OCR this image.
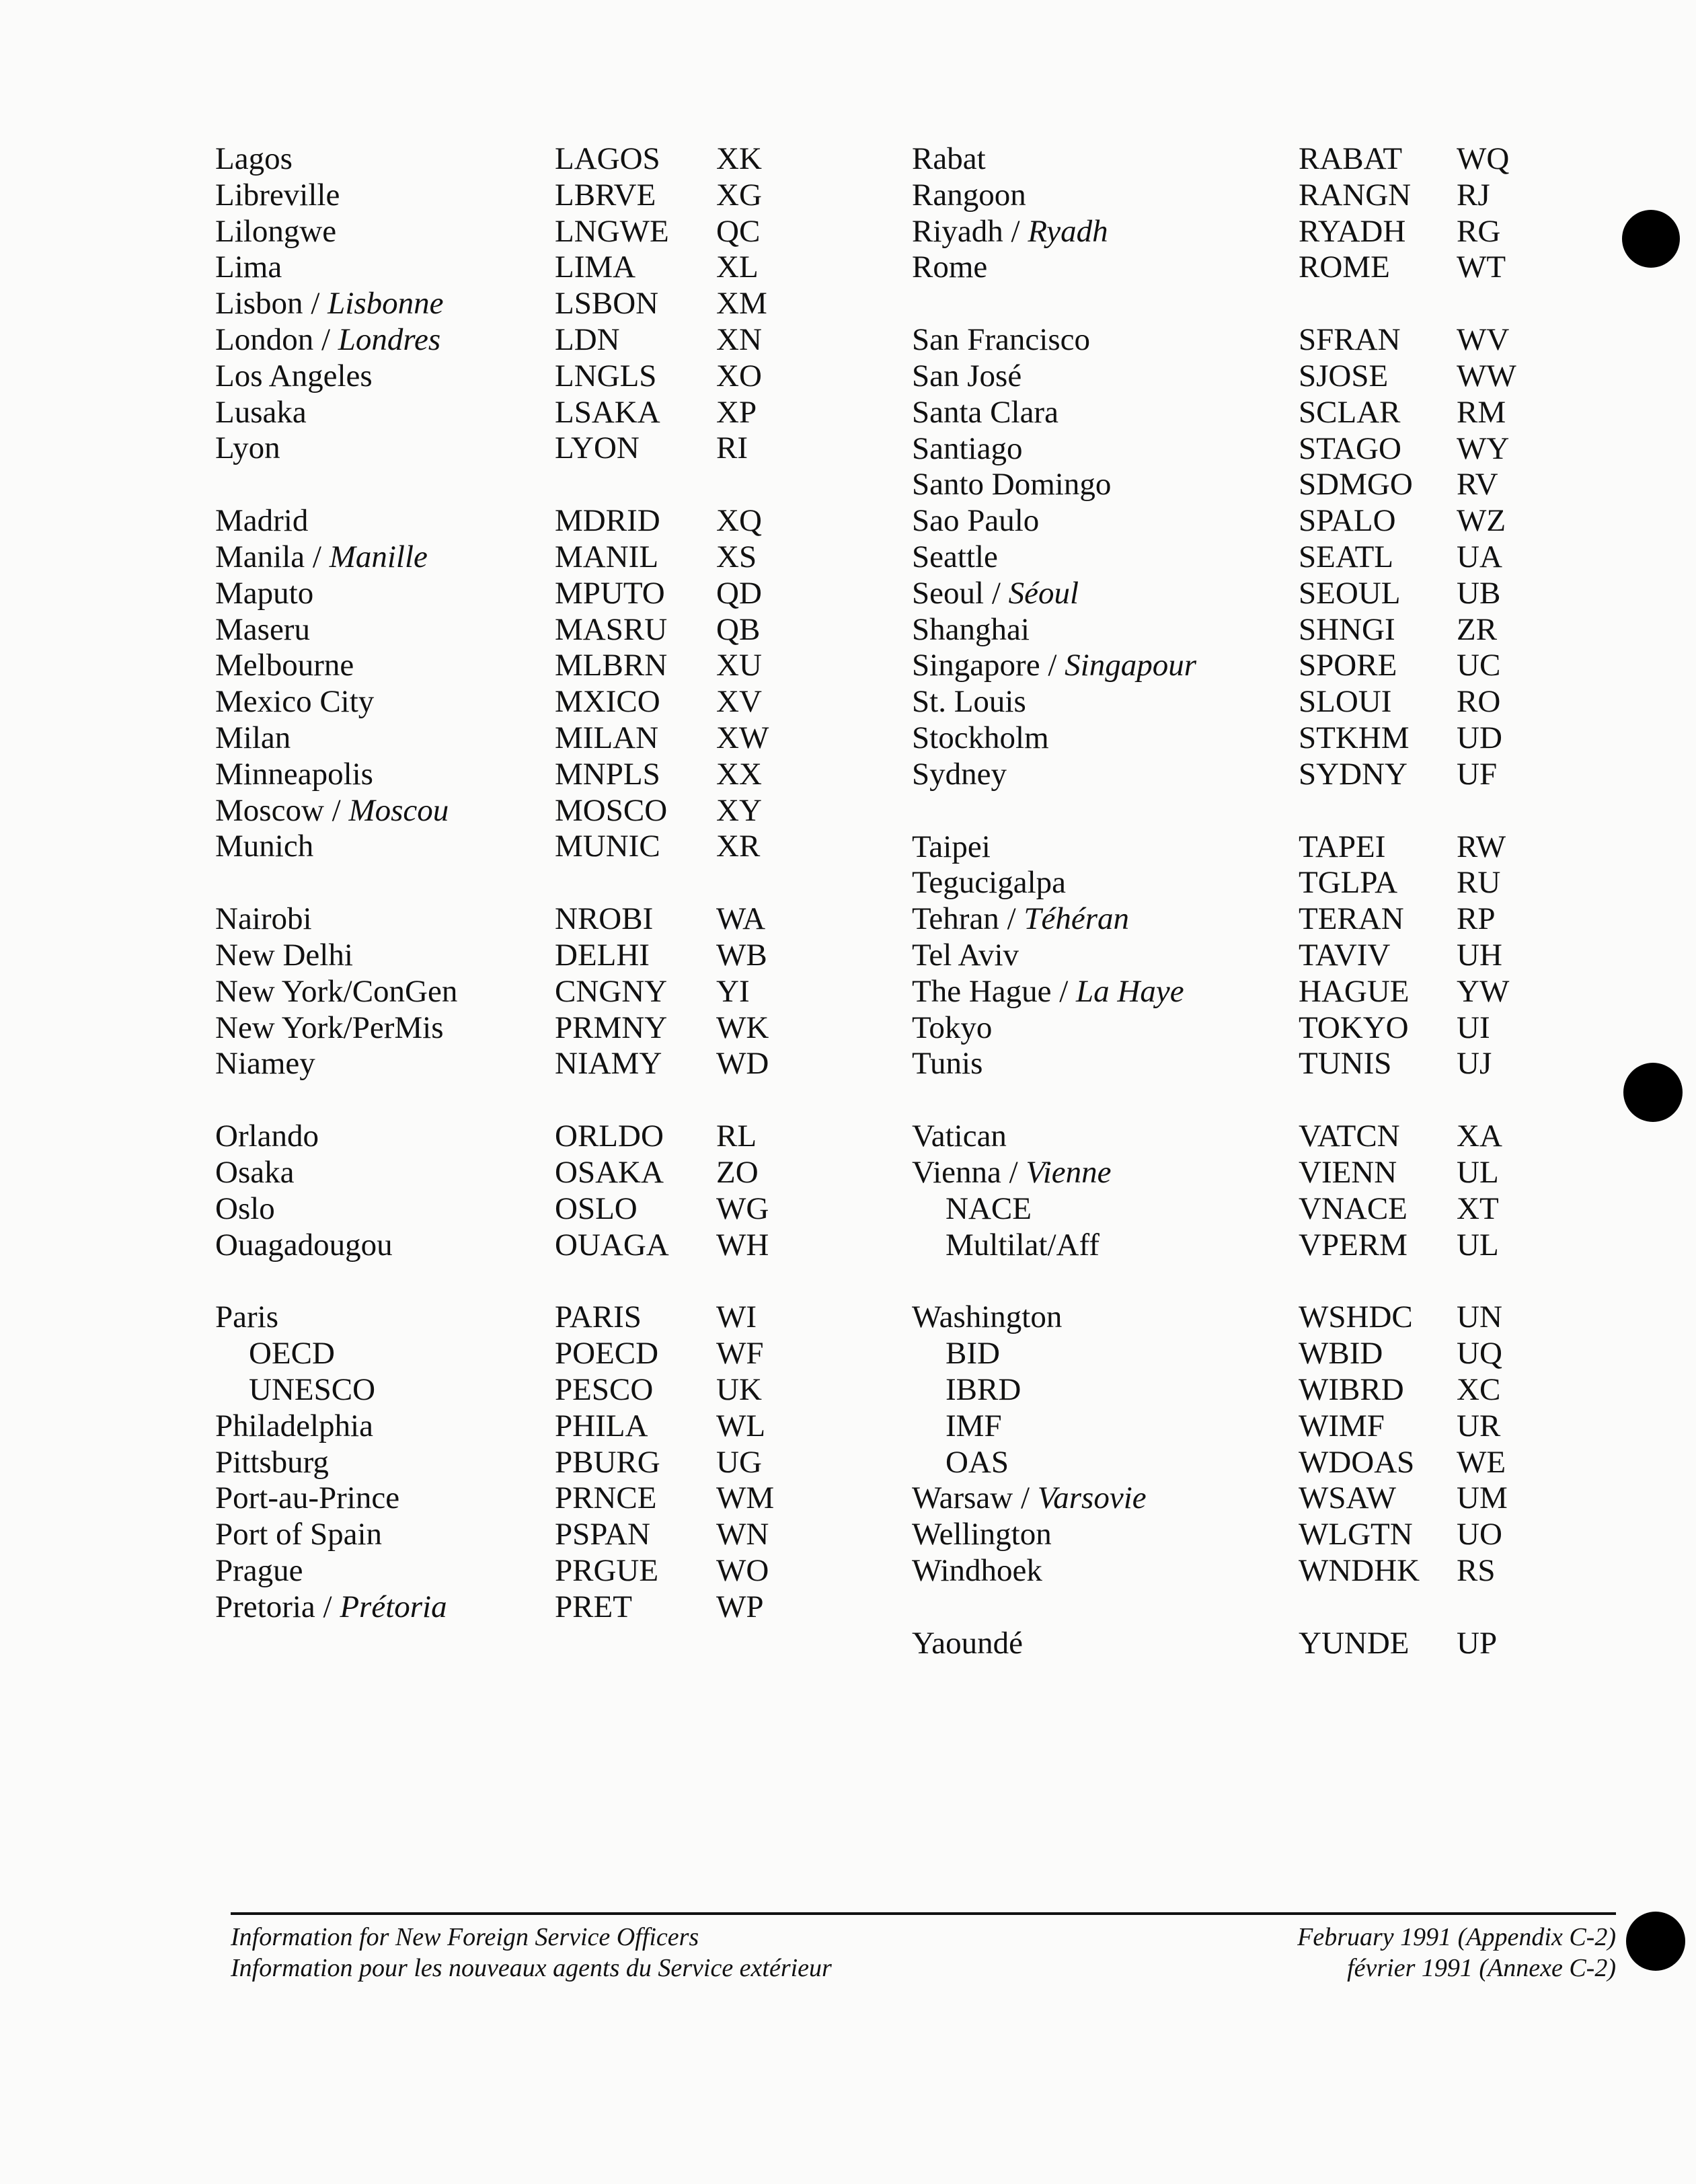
Lagos	LAGOS XK
Libreville	LBRVE XG
Lilongwe	LNGWE QC
Lima	LIMA	XL
Lisbon / Lisbonne	LSBON XM
London / Londres	LDN	XN
Los Angeles	LNGLS XO
Lusaka	LSAKA XP
Lyon	LYON RI
Madrid	MDRID XQ
Manila / Manille	MANIL XS
Maputo	MPUTO QD
Maseru	MASRU QB
Melbourne	MLBRN XU
Mexico City	MXICO XV
Milan	MILAN XW
Minneapolis	MNPLS XX
Moscow / Moscou	MOSCO XY
Munich	MUNIC XR
Nairobi	NROBI WA
New Delhi	DELHI WB
New York/ConGen	CNGNY YI
New York/PerMis	PRMNY WK
Niamey	NIAMY WD
Orlando	ORLDO RL
Osaka	OSAKA ZO
Oslo	OSLO WG
Ouagadougou	OUAGA WH
Paris	PARIS WI
OECD	POECD WF
UNESCO	PESCO UK
Philadelphia	PHILA WL
Pittsburg	PBURG UG
Port-au-Prince	PRNCE WM
Port of Spain	PSPAN WN
Prague	PRGUE WO
Pretoria / Prétoria	PRET	WP
Rabat	RABAT WQ
Rangoon	RANGN RJ
Riyadh / Ryadh	RYADH RG
Rome	ROME WT
San Francisco	SFRAN WV
San José	SJOSE WW
Santa Clara	SCLAR RM
Santiago	STAGO WY
Santo Domingo	SDMGO RV
Sao Paulo	SPALO WZ
Seattle	SEATL UA
Seoul / Séoul	SEOUL UB
Shanghai	SHNGI ZR
Singapore / Singapour	SPORE UC
St. Louis	SLOUI RO
Stockholm	STKHM UD
Sydney	SYDNY UF
Taipei	TAPEI RW
Tegucigalpa	TGLPA RU
Tehran / Téhéran	TERAN RP
Tel Aviv	TAVIV UH
The Hague / La Haye	HAGUE YW
Tokyo	TOKYO UI
Tunis	TUNIS UJ
Vatican	VATCN XA
Vienna / Vienne	VIENN UL
NACE	VNACE XT
Multilat/Aff	VPERM UL
Washington	WSHDC UN
BID	WBID UQ
IBRD	WIBRD XC
IMF	WIMF UR
OAS	WDOAS WE
Warsaw / Varsovie	WSAW UM
Wellington	WLGTN UO
Windhoek	WNDHK RS
Yaoundé	YUNDE UP
Information for New Foreign Service Officers
Information pour les nouveaux agents du Service extérieur
February 1991 (Appendix C-2)
février 1991 (Annexe C-2)
